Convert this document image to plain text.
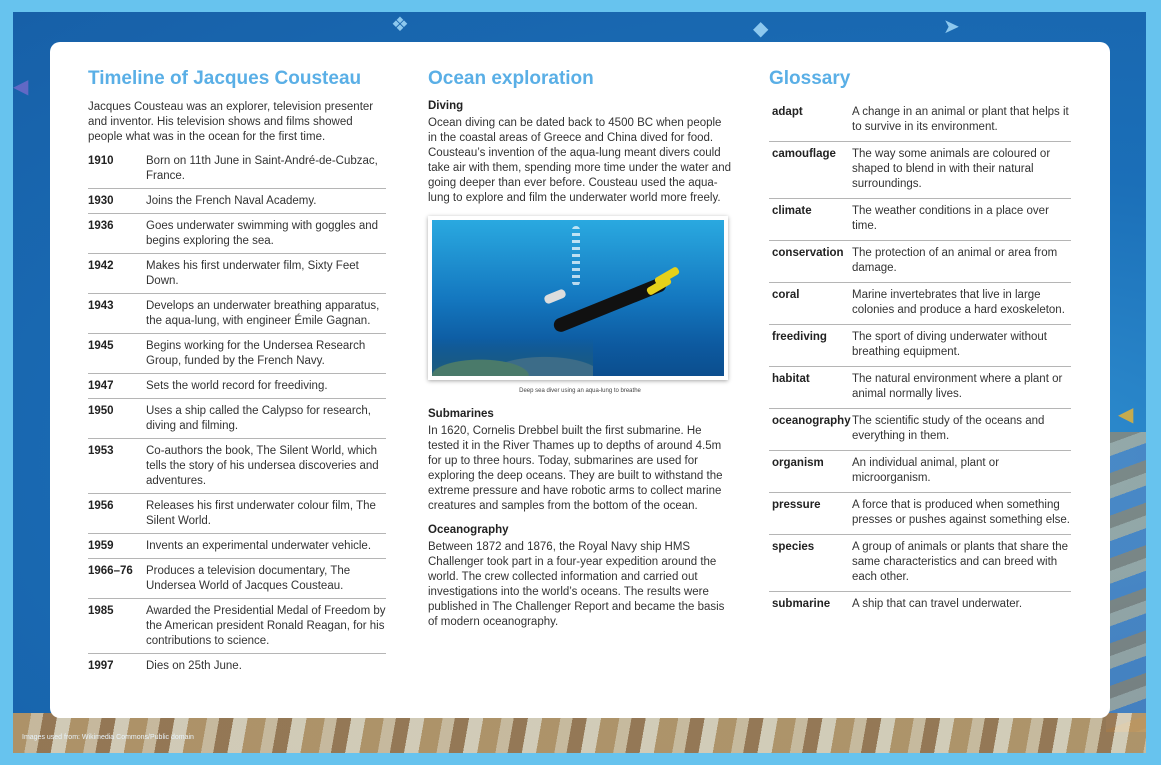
❖	◆	➤
◀
◀
Images used from: Wikimedia Commons/Public domain
Timeline of Jacques Cousteau

Jacques Cousteau was an explorer, television presenter and inventor. His television shows and films showed people what was in the ocean for the first time.

1910	Born on 11th June in Saint-André-de-Cubzac, France.
1930	Joins the French Naval Academy.
1936	Goes underwater swimming with goggles and begins exploring the sea.
1942	Makes his first underwater film, Sixty Feet Down.
1943	Develops an underwater breathing apparatus, the aqua-lung, with engineer Émile Gagnan.
1945	Begins working for the Undersea Research Group, funded by the French Navy.
1947	Sets the world record for freediving.
1950	Uses a ship called the Calypso for research, diving and filming.
1953	Co-authors the book, The Silent World, which tells the story of his undersea discoveries and adventures.
1956	Releases his first underwater colour film, The Silent World.
1959	Invents an experimental underwater vehicle.
1966–76	Produces a television documentary, The Undersea World of Jacques Cousteau.
1985	Awarded the Presidential Medal of Freedom by the American president Ronald Reagan, for his contributions to science.
1997	Dies on 25th June.
Ocean exploration
Diving

Ocean diving can be dated back to 4500 BC when people in the coastal areas of Greece and China dived for food. Cousteau’s invention of the aqua-lung meant divers could take air with them, spending more time under the water and going deeper than ever before. Cousteau used the aqua-lung to explore and film the underwater world more freely.

Deep sea diver using an aqua-lung to breathe
Submarines

In 1620, Cornelis Drebbel built the first submarine. He tested it in the River Thames up to depths of around 4.5m for up to three hours. Today, submarines are used for exploring the deep oceans. They are built to withstand the extreme pressure and have robotic arms to collect marine creatures and samples from the bottom of the ocean.

Oceanography

Between 1872 and 1876, the Royal Navy ship HMS Challenger took part in a four-year expedition around the world. The crew collected information and carried out investigations into the world’s oceans. The results were published in The Challenger Report and became the basis of modern oceanography.

Glossary
adapt	A change in an animal or plant that helps it to survive in its environment.
camouflage	The way some animals are coloured or shaped to blend in with their natural surroundings.
climate	The weather conditions in a place over time.
conservation The protection of an animal or area from damage.
coral	Marine invertebrates that live in large colonies and produce a hard exoskeleton.
freediving	The sport of diving underwater without breathing equipment.
habitat	The natural environment where a plant or animal normally lives.
oceanography The scientific study of the oceans and everything in them.
organism	An individual animal, plant or microorganism.
pressure	A force that is produced when something presses or pushes against something else.
species	A group of animals or plants that share the same characteristics and can breed with each other.
submarine	A ship that can travel underwater.
